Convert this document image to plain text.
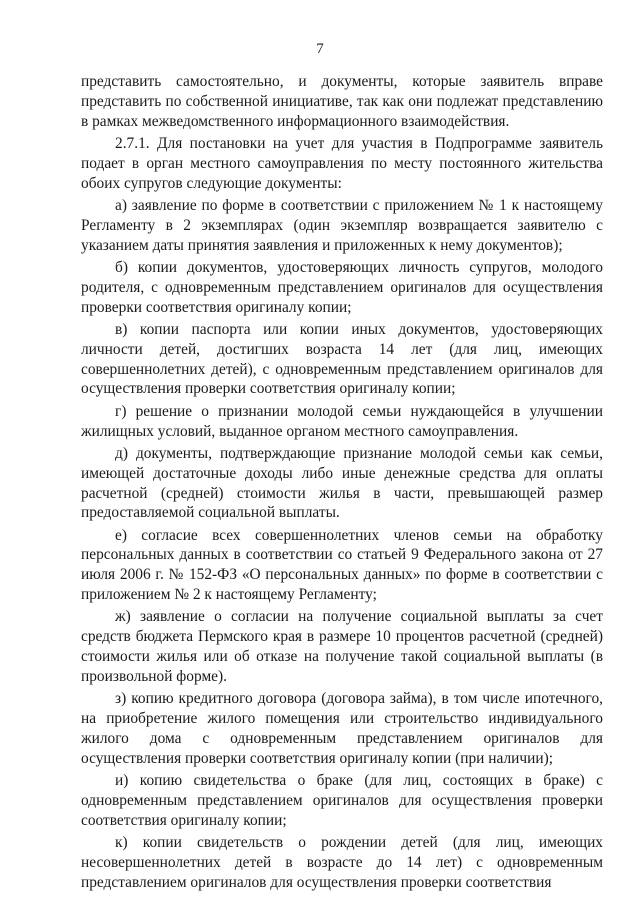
7

представить самостоятельно, и документы, которые заявитель вправе представить по собственной инициативе, так как они подлежат представлению в рамках межведомственного информационного взаимодействия.

2.7.1. Для постановки на учет для участия в Подпрограмме заявитель подает в орган местного самоуправления по месту постоянного жительства обоих супругов следующие документы:

а) заявление по форме в соответствии с приложением № 1 к настоящему Регламенту в 2 экземплярах (один экземпляр возвращается заявителю с указанием даты принятия заявления и приложенных к нему документов);

б) копии документов, удостоверяющих личность супругов, молодого родителя, с одновременным представлением оригиналов для осуществления проверки соответствия оригиналу копии;

в) копии паспорта или копии иных документов, удостоверяющих личности детей, достигших возраста 14 лет (для лиц, имеющих совершеннолетних детей), с одновременным представлением оригиналов для осуществления проверки соответствия оригиналу копии;

г) решение о признании молодой семьи нуждающейся в улучшении жилищных условий, выданное органом местного самоуправления.

д) документы, подтверждающие признание молодой семьи как семьи, имеющей достаточные доходы либо иные денежные средства для оплаты расчетной (средней) стоимости жилья в части, превышающей размер предоставляемой социальной выплаты.

е) согласие всех совершеннолетних членов семьи на обработку персональных данных в соответствии со статьей 9 Федерального закона от 27 июля 2006 г. № 152-ФЗ «О персональных данных» по форме в соответствии с приложением № 2 к настоящему Регламенту;

ж) заявление о согласии на получение социальной выплаты за счет средств бюджета Пермского края в размере 10 процентов расчетной (средней) стоимости жилья или об отказе на получение такой социальной выплаты (в произвольной форме).

з) копию кредитного договора (договора займа), в том числе ипотечного, на приобретение жилого помещения или строительство индивидуального жилого дома с одновременным представлением оригиналов для осуществления проверки соответствия оригиналу копии (при наличии);

и) копию свидетельства о браке (для лиц, состоящих в браке) с одновременным представлением оригиналов для осуществления проверки соответствия оригиналу копии;

к) копии свидетельств о рождении детей (для лиц, имеющих несовершеннолетних детей в возрасте до 14 лет) с одновременным представлением оригиналов для осуществления проверки соответствия
